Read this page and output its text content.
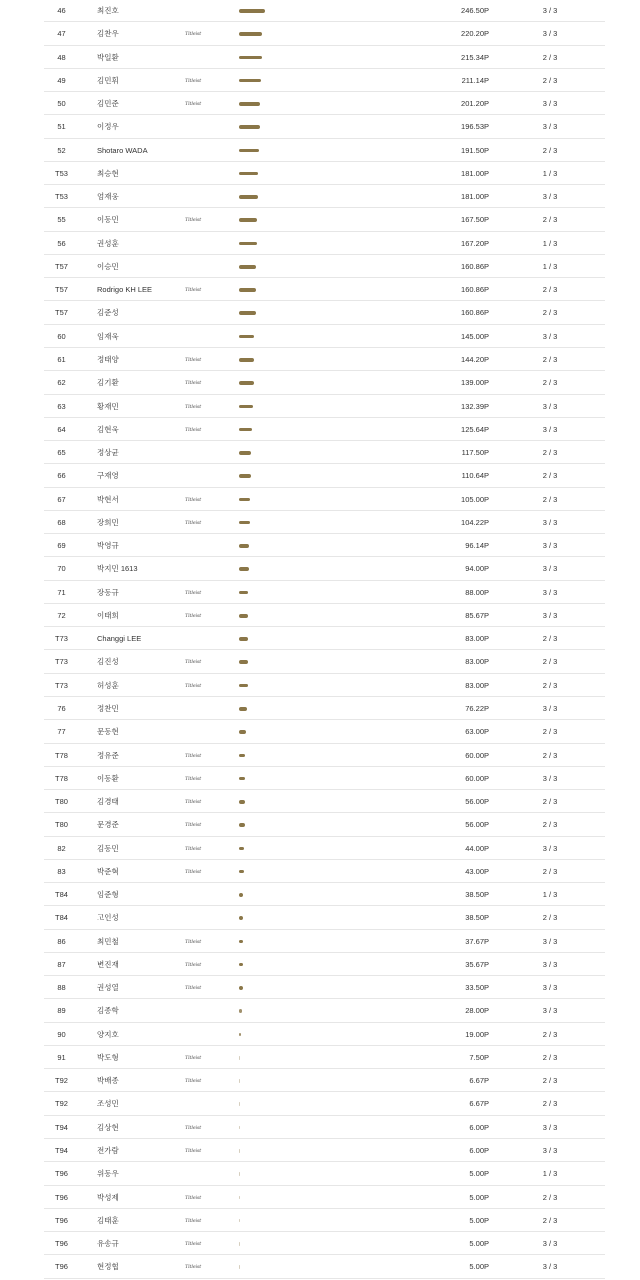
46	최진호	246.50P	3 / 3
47	김찬우	Titleist	220.20P	3 / 3
48	박일환	215.34P	2 / 3
49	김민휘	Titleist	211.14P	2 / 3
50	김민준	Titleist	201.20P	3 / 3
51	이정우	196.53P	3 / 3
52	Shotaro WADA	191.50P	2 / 3
T53	최승현	181.00P	1 / 3
T53	엄재웅	181.00P	3 / 3
55	이동민	Titleist	167.50P	2 / 3
56	권성훈	167.20P	1 / 3
T57	이승민	160.86P	1 / 3
T57	Rodrigo KH LEE	Titleist	160.86P	2 / 3
T57	김준성	160.86P	2 / 3
60	임재욱	145.00P	3 / 3
61	정태양	Titleist	144.20P	2 / 3
62	김기환	Titleist	139.00P	2 / 3
63	황재민	Titleist	132.39P	3 / 3
64	김현욱	Titleist	125.64P	3 / 3
65	정상균	117.50P	2 / 3
66	구재영	110.64P	2 / 3
67	박현서	Titleist	105.00P	2 / 3
68	장희민	Titleist	104.22P	3 / 3
69	박영규	96.14P	3 / 3
70	박지민 1613	94.00P	3 / 3
71	장동규	Titleist	88.00P	3 / 3
72	이태희	Titleist	85.67P	3 / 3
T73	Changgi LEE	83.00P	2 / 3
T73	김진성	Titleist	83.00P	2 / 3
T73	허성훈	Titleist	83.00P	2 / 3
76	정찬민	76.22P	3 / 3
77	문동현	63.00P	2 / 3
T78	정유준	Titleist	60.00P	2 / 3
T78	이동환	Titleist	60.00P	3 / 3
T80	김경태	Titleist	56.00P	2 / 3
T80	문경준	Titleist	56.00P	2 / 3
82	김동민	Titleist	44.00P	3 / 3
83	박준혁	Titleist	43.00P	2 / 3
T84	임준형	38.50P	1 / 3
T84	고인성	38.50P	2 / 3
86	최민철	Titleist	37.67P	3 / 3
87	변진재	Titleist	35.67P	3 / 3
88	권성열	Titleist	33.50P	3 / 3
89	김종학	28.00P	3 / 3
90	양지호	19.00P	2 / 3
91	박도형	Titleist	7.50P	2 / 3
T92	박배종	Titleist	6.67P	2 / 3
T92	조성민	6.67P	2 / 3
T94	김상현	Titleist	6.00P	3 / 3
T94	전가람	Titleist	6.00P	3 / 3
T96	위동우	5.00P	1 / 3
T96	박성제	Titleist	5.00P	2 / 3
T96	김태훈	Titleist	5.00P	2 / 3
T96	유송규	Titleist	5.00P	3 / 3
T96	현정협	Titleist	5.00P	3 / 3
